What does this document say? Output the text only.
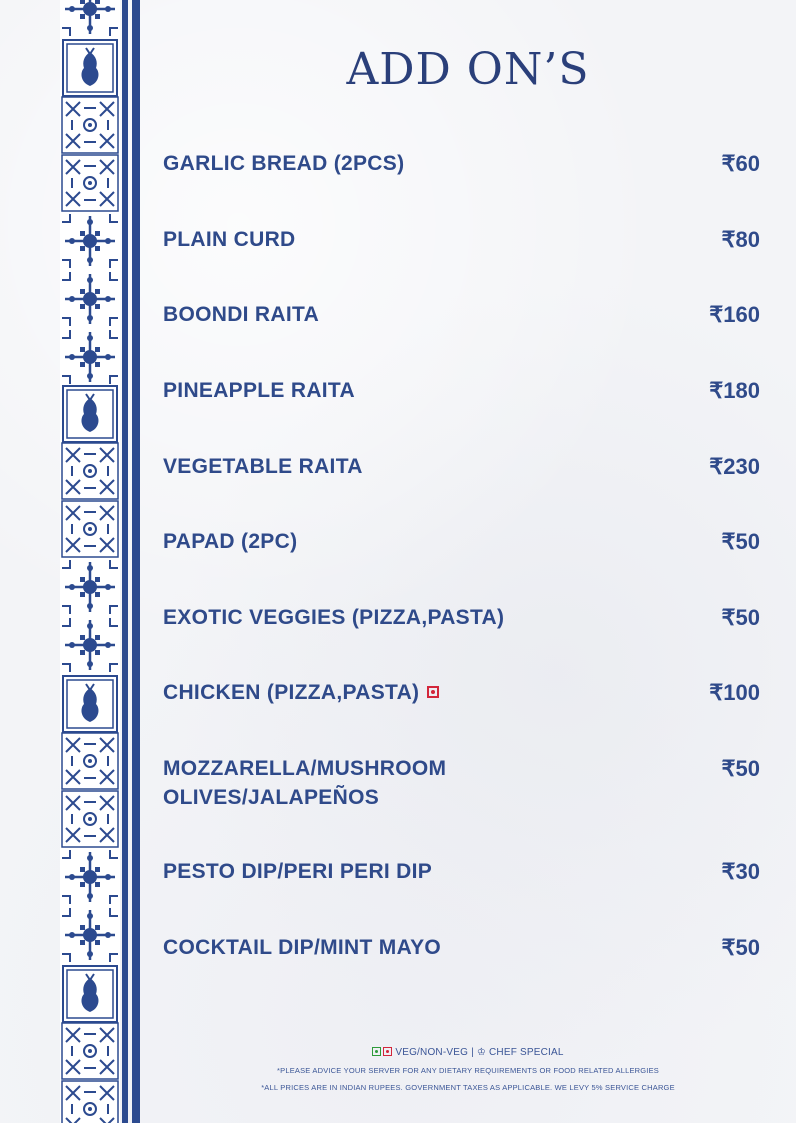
ADD ON’S
GARLIC BREAD (2PCS)	₹60
PLAIN CURD	₹80
BOONDI RAITA	₹160
PINEAPPLE RAITA	₹180
VEGETABLE RAITA	₹230
PAPAD (2PC)	₹50
EXOTIC VEGGIES (PIZZA,PASTA)	₹50
CHICKEN (PIZZA,PASTA)	₹100
MOZZARELLA/MUSHROOM
OLIVES/JALAPEÑOS
₹50
PESTO DIP/PERI PERI DIP	₹30
COCKTAIL DIP/MINT MAYO	₹50
VEG/NON-VEG | ♔ CHEF SPECIAL
*PLEASE ADVICE YOUR SERVER FOR ANY DIETARY REQUIREMENTS OR FOOD RELATED ALLERGIES
*ALL PRICES ARE IN INDIAN RUPEES. GOVERNMENT TAXES AS APPLICABLE. WE LEVY 5% SERVICE CHARGE
